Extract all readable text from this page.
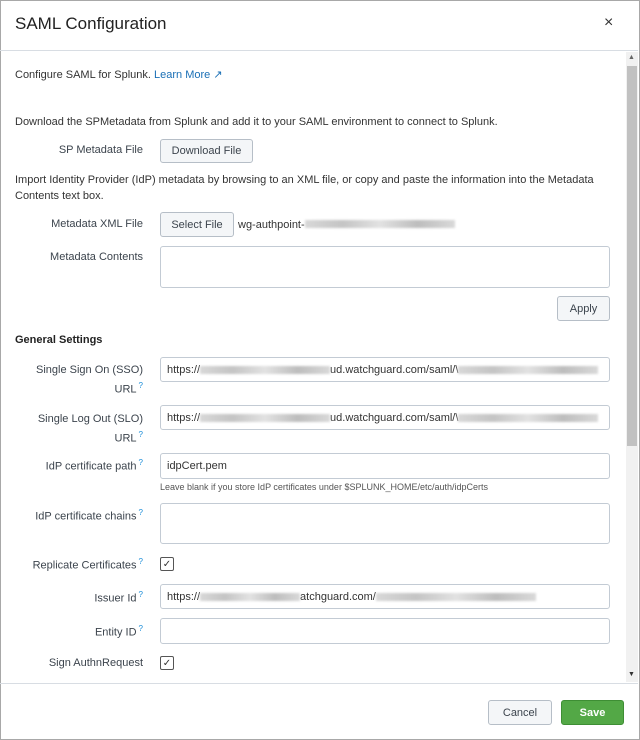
SAML Configuration	×
Configure SAML for Splunk. Learn More ↗
Download the SPMetadata from Splunk and add it to your SAML environment to connect to Splunk.
SP Metadata File	Download File
Import Identity Provider (IdP) metadata by browsing to an XML file, or copy and paste the information into the Metadata
Contents text box.
Metadata XML File	Select File	wg-authpoint-
Metadata Contents
Apply
General Settings
Single Sign On (SSO)
URL ?
https://	ud.watchguard.com/saml/\
Single Log Out (SLO)
URL ?
https://	ud.watchguard.com/saml/\
IdP certificate path ?	idpCert.pem
Leave blank if you store IdP certificates under $SPLUNK_HOME/etc/auth/idpCerts
IdP certificate chains ?
Replicate Certificates ? ✓
Issuer Id ? https://	atchguard.com/
Entity ID ?
Sign AuthnRequest ✓
▲
▼
Cancel	Save
